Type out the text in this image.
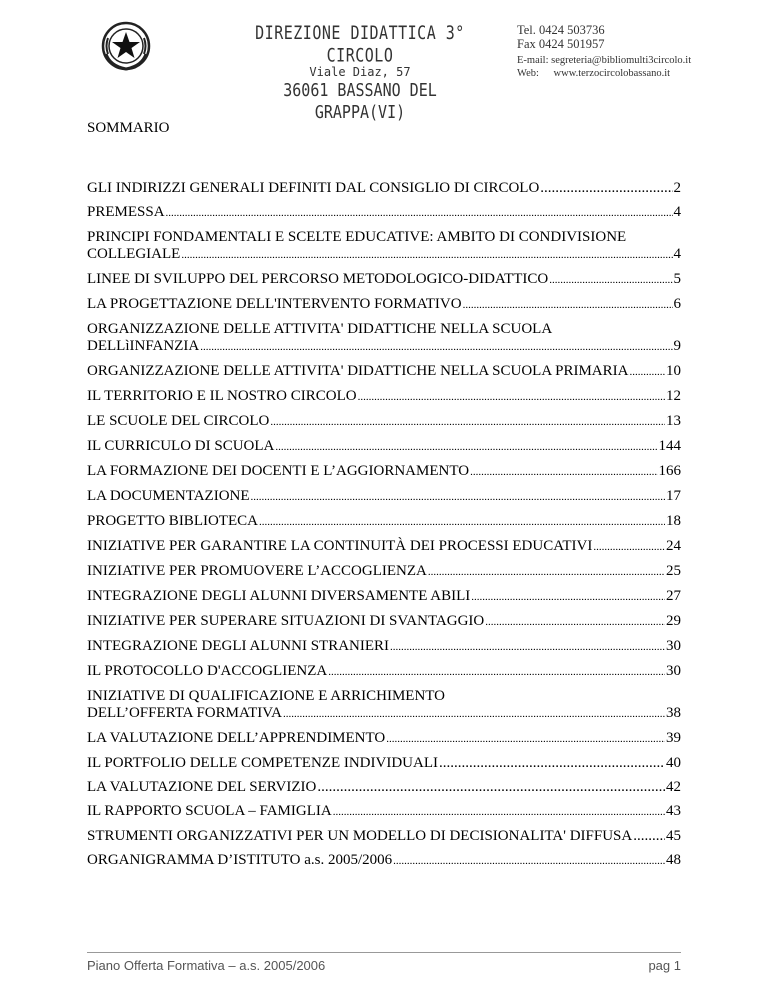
DIREZIONE DIDATTICA 3° CIRCOLO
Viale Diaz, 57
36061 BASSANO DEL GRAPPA(VI)
Tel. 0424 503736
Fax 0424 501957
E-mail: segreteria@bibliomulti3circolo.it
Web: www.terzocircolobassano.it
SOMMARIO
GLI INDIRIZZI GENERALI DEFINITI DAL CONSIGLIO DI CIRCOLO .....	2
PREMESSA .....	4
PRINCIPI FONDAMENTALI E SCELTE EDUCATIVE: AMBITO DI CONDIVISIONE
COLLEGIALE .....	4
LINEE DI SVILUPPO DEL PERCORSO METODOLOGICO-DIDATTICO .....	5
LA PROGETTAZIONE DELL'INTERVENTO FORMATIVO .....	6
ORGANIZZAZIONE DELLE ATTIVITA' DIDATTICHE NELLA SCUOLA
DELLìINFANZIA .....	9
ORGANIZZAZIONE DELLE ATTIVITA' DIDATTICHE NELLA SCUOLA PRIMARIA .....	10
IL TERRITORIO E IL NOSTRO CIRCOLO .....	12
LE SCUOLE DEL CIRCOLO .....	13
IL CURRICULO DI SCUOLA .....	144
LA FORMAZIONE DEI DOCENTI E L’AGGIORNAMENTO .....	166
LA DOCUMENTAZIONE .....	17
PROGETTO BIBLIOTECA .....	18
INIZIATIVE PER GARANTIRE LA CONTINUITÀ DEI PROCESSI EDUCATIVI .....	24
INIZIATIVE PER PROMUOVERE L’ACCOGLIENZA .....	25
INTEGRAZIONE DEGLI ALUNNI DIVERSAMENTE ABILI .....	27
INIZIATIVE PER SUPERARE SITUAZIONI DI SVANTAGGIO .....	29
INTEGRAZIONE DEGLI ALUNNI STRANIERI .....	30
IL PROTOCOLLO D'ACCOGLIENZA .....	30
INIZIATIVE DI QUALIFICAZIONE E ARRICHIMENTO
DELL’OFFERTA FORMATIVA .....	38
LA VALUTAZIONE DELL’APPRENDIMENTO .....	39
IL PORTFOLIO DELLE COMPETENZE INDIVIDUALI .....	40
LA VALUTAZIONE DEL SERVIZIO .....	42
IL RAPPORTO SCUOLA – FAMIGLIA .....	43
STRUMENTI ORGANIZZATIVI PER UN MODELLO DI DECISIONALITA' DIFFUSA ..... 45
ORGANIGRAMMA D’ISTITUTO a.s. 2005/2006 .....	48
Piano Offerta Formativa – a.s. 2005/2006	pag 1
